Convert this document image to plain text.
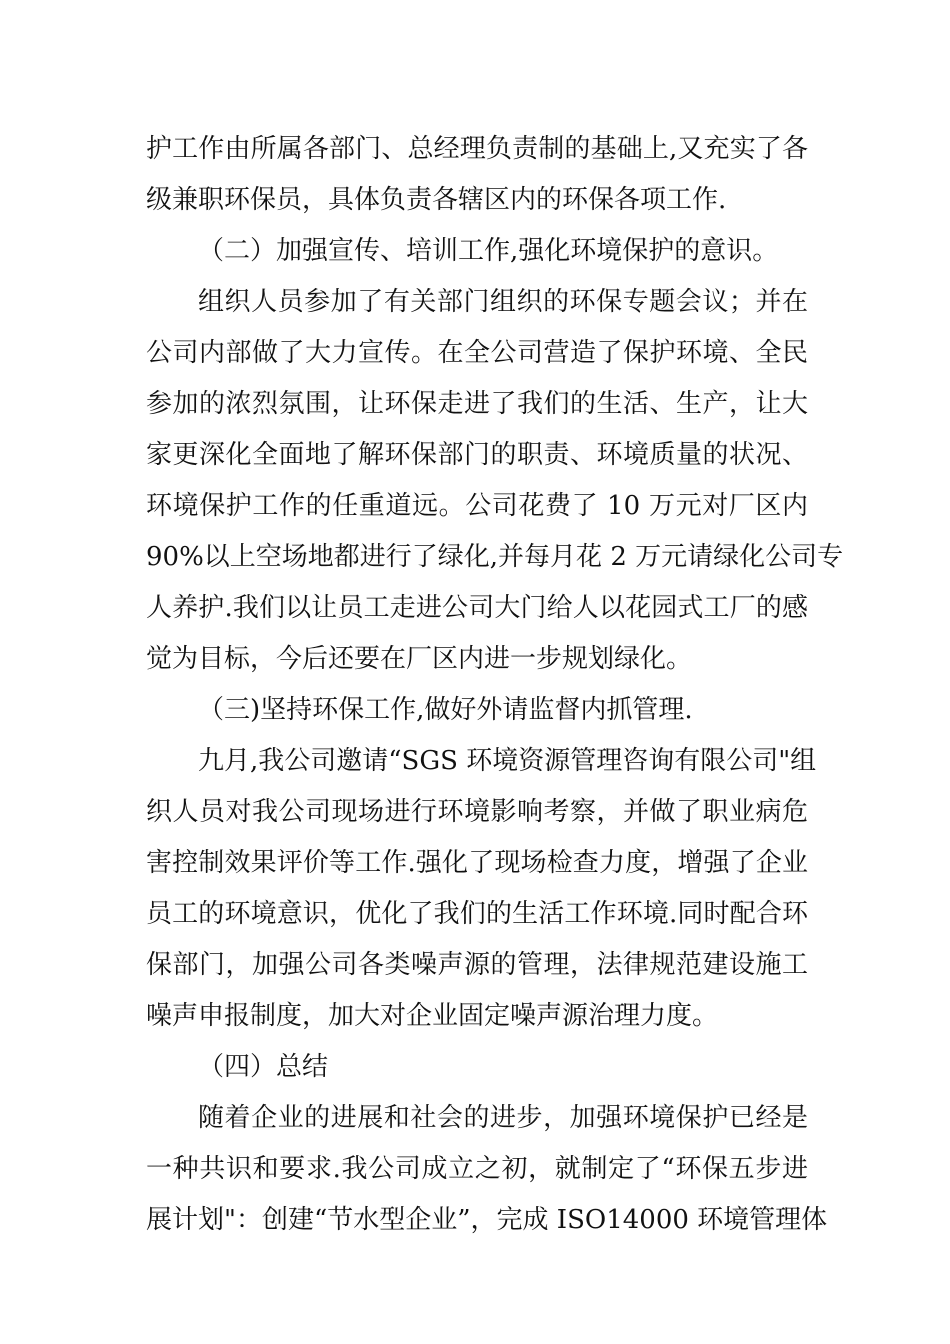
护工作由所属各部门、总经理负责制的基础上,又充实了各
级兼职环保员，具体负责各辖区内的环保各项工作.
（二）加强宣传、培训工作,强化环境保护的意识。
组织人员参加了有关部门组织的环保专题会议；并在
公司内部做了大力宣传。在全公司营造了保护环境、全民
参加的浓烈氛围，让环保走进了我们的生活、生产，让大
家更深化全面地了解环保部门的职责、环境质量的状况、
环境保护工作的任重道远。公司花费了 10 万元对厂区内
90%以上空场地都进行了绿化,并每月花 2 万元请绿化公司专
人养护.我们以让员工走进公司大门给人以花园式工厂的感
觉为目标，今后还要在厂区内进一步规划绿化。
（三)坚持环保工作,做好外请监督内抓管理.
九月,我公司邀请“SGS 环境资源管理咨询有限公司"组
织人员对我公司现场进行环境影响考察，并做了职业病危
害控制效果评价等工作.强化了现场检查力度，增强了企业
员工的环境意识，优化了我们的生活工作环境.同时配合环
保部门，加强公司各类噪声源的管理，法律规范建设施工
噪声申报制度，加大对企业固定噪声源治理力度。
（四）总结
随着企业的进展和社会的进步，加强环境保护已经是
一种共识和要求.我公司成立之初，就制定了“环保五步进
展计划"：创建“节水型企业”，完成 ISO14000 环境管理体
